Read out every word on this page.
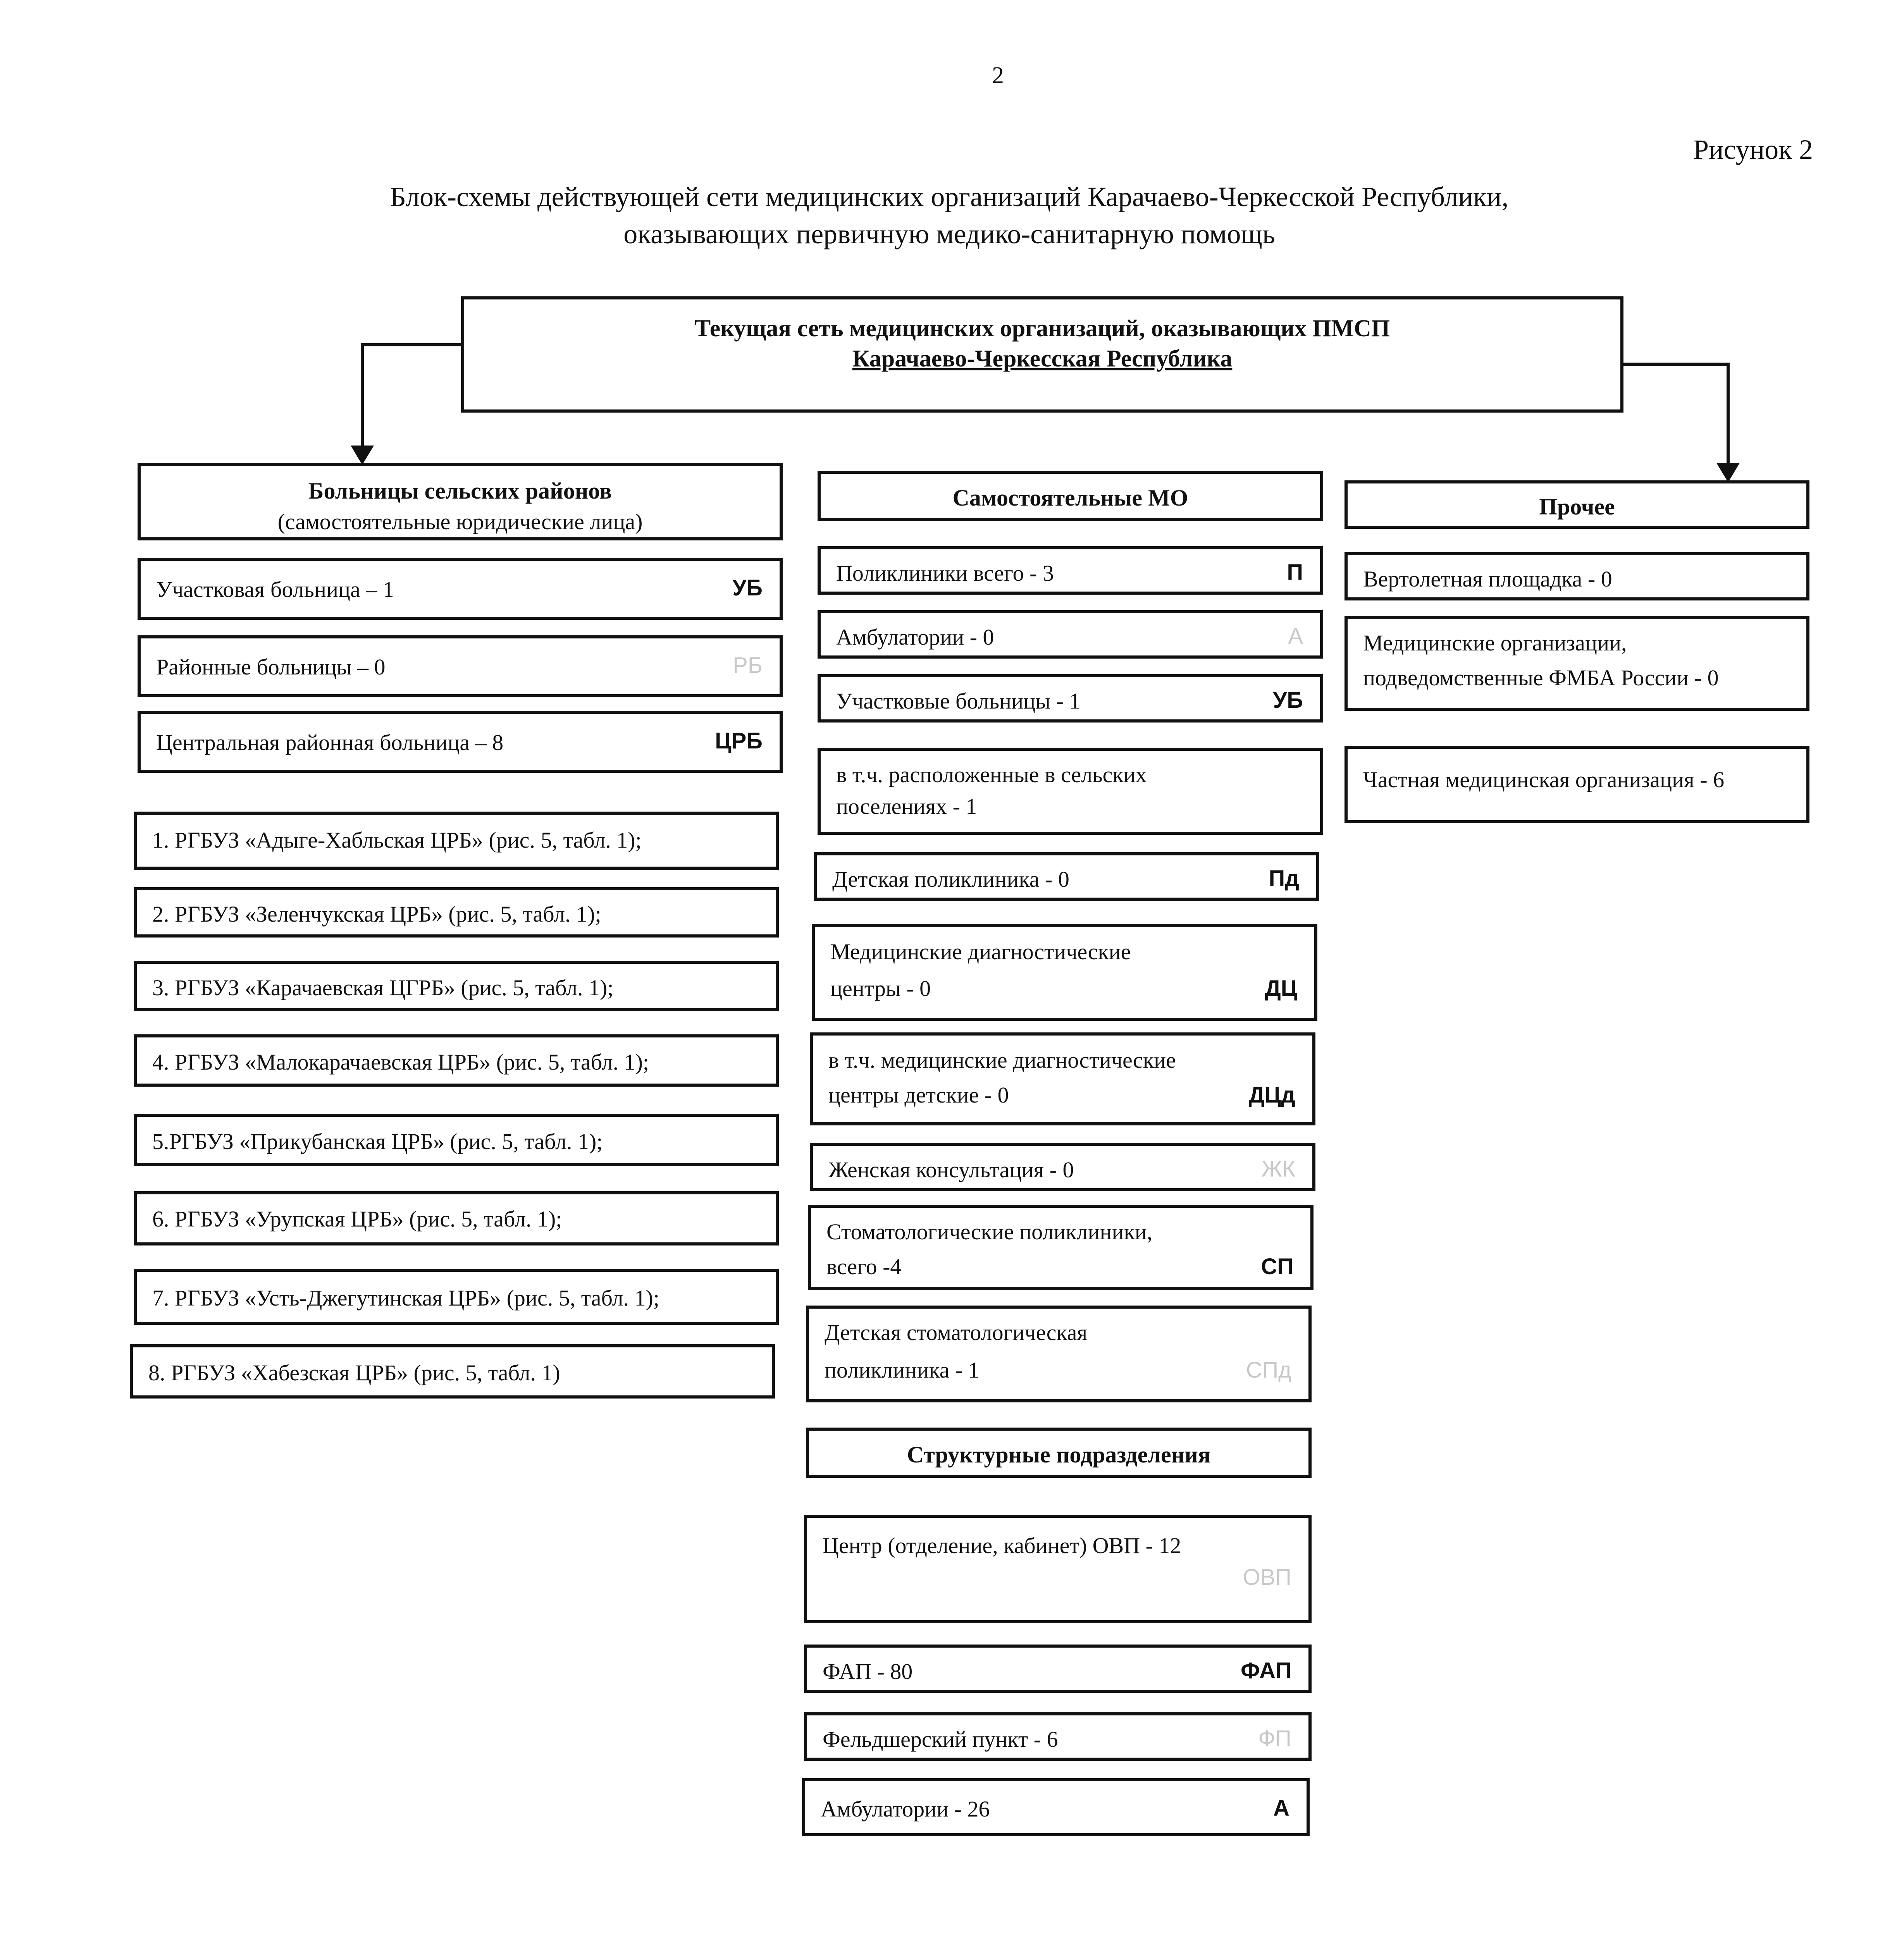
2
Рисунок 2
Блок-схемы действующей сети медицинских организаций Карачаево-Черкесской Республики,
оказывающих первичную медико-санитарную помощь
Текущая сеть медицинских организаций, оказывающих ПМСП
Карачаево-Черкесская Республика
Больницы сельских районов
(самостоятельные юридические лица)
Участковая больница – 1	УБ
Районные больницы – 0	РБ
Центральная районная больница – 8	ЦРБ
1. РГБУЗ «Адыге-Хабльская ЦРБ» (рис. 5, табл. 1);
2. РГБУЗ «Зеленчукская ЦРБ» (рис. 5, табл. 1);
3. РГБУЗ «Карачаевская ЦГРБ» (рис. 5, табл. 1);
4. РГБУЗ «Малокарачаевская ЦРБ» (рис. 5, табл. 1);
5.РГБУЗ «Прикубанская ЦРБ» (рис. 5, табл. 1);
6. РГБУЗ «Урупская ЦРБ» (рис. 5, табл. 1);
7. РГБУЗ «Усть-Джегутинская ЦРБ» (рис. 5, табл. 1);
8. РГБУЗ «Хабезская ЦРБ» (рис. 5, табл. 1)
Самостоятельные МО
Поликлиники всего - 3	П
Амбулатории - 0	А
Участковые больницы - 1	УБ
в т.ч. расположенные в сельских
поселениях - 1
Детская поликлиника - 0	Пд
Медицинские диагностические
центры - 0	ДЦ
в т.ч. медицинские диагностические
центры детские - 0	ДЦд
Женская консультация - 0	ЖК
Стоматологические поликлиники,
всего -4	СП
Детская стоматологическая
поликлиника - 1	СПд
Структурные подразделения
Центр (отделение, кабинет) ОВП - 12
ОВП
ФАП - 80	ФАП
Фельдшерский пункт - 6	ФП
Амбулатории - 26	А
Прочее
Вертолетная площадка - 0
Медицинские организации,
подведомственные ФМБА России - 0
Частная медицинская организация - 6
